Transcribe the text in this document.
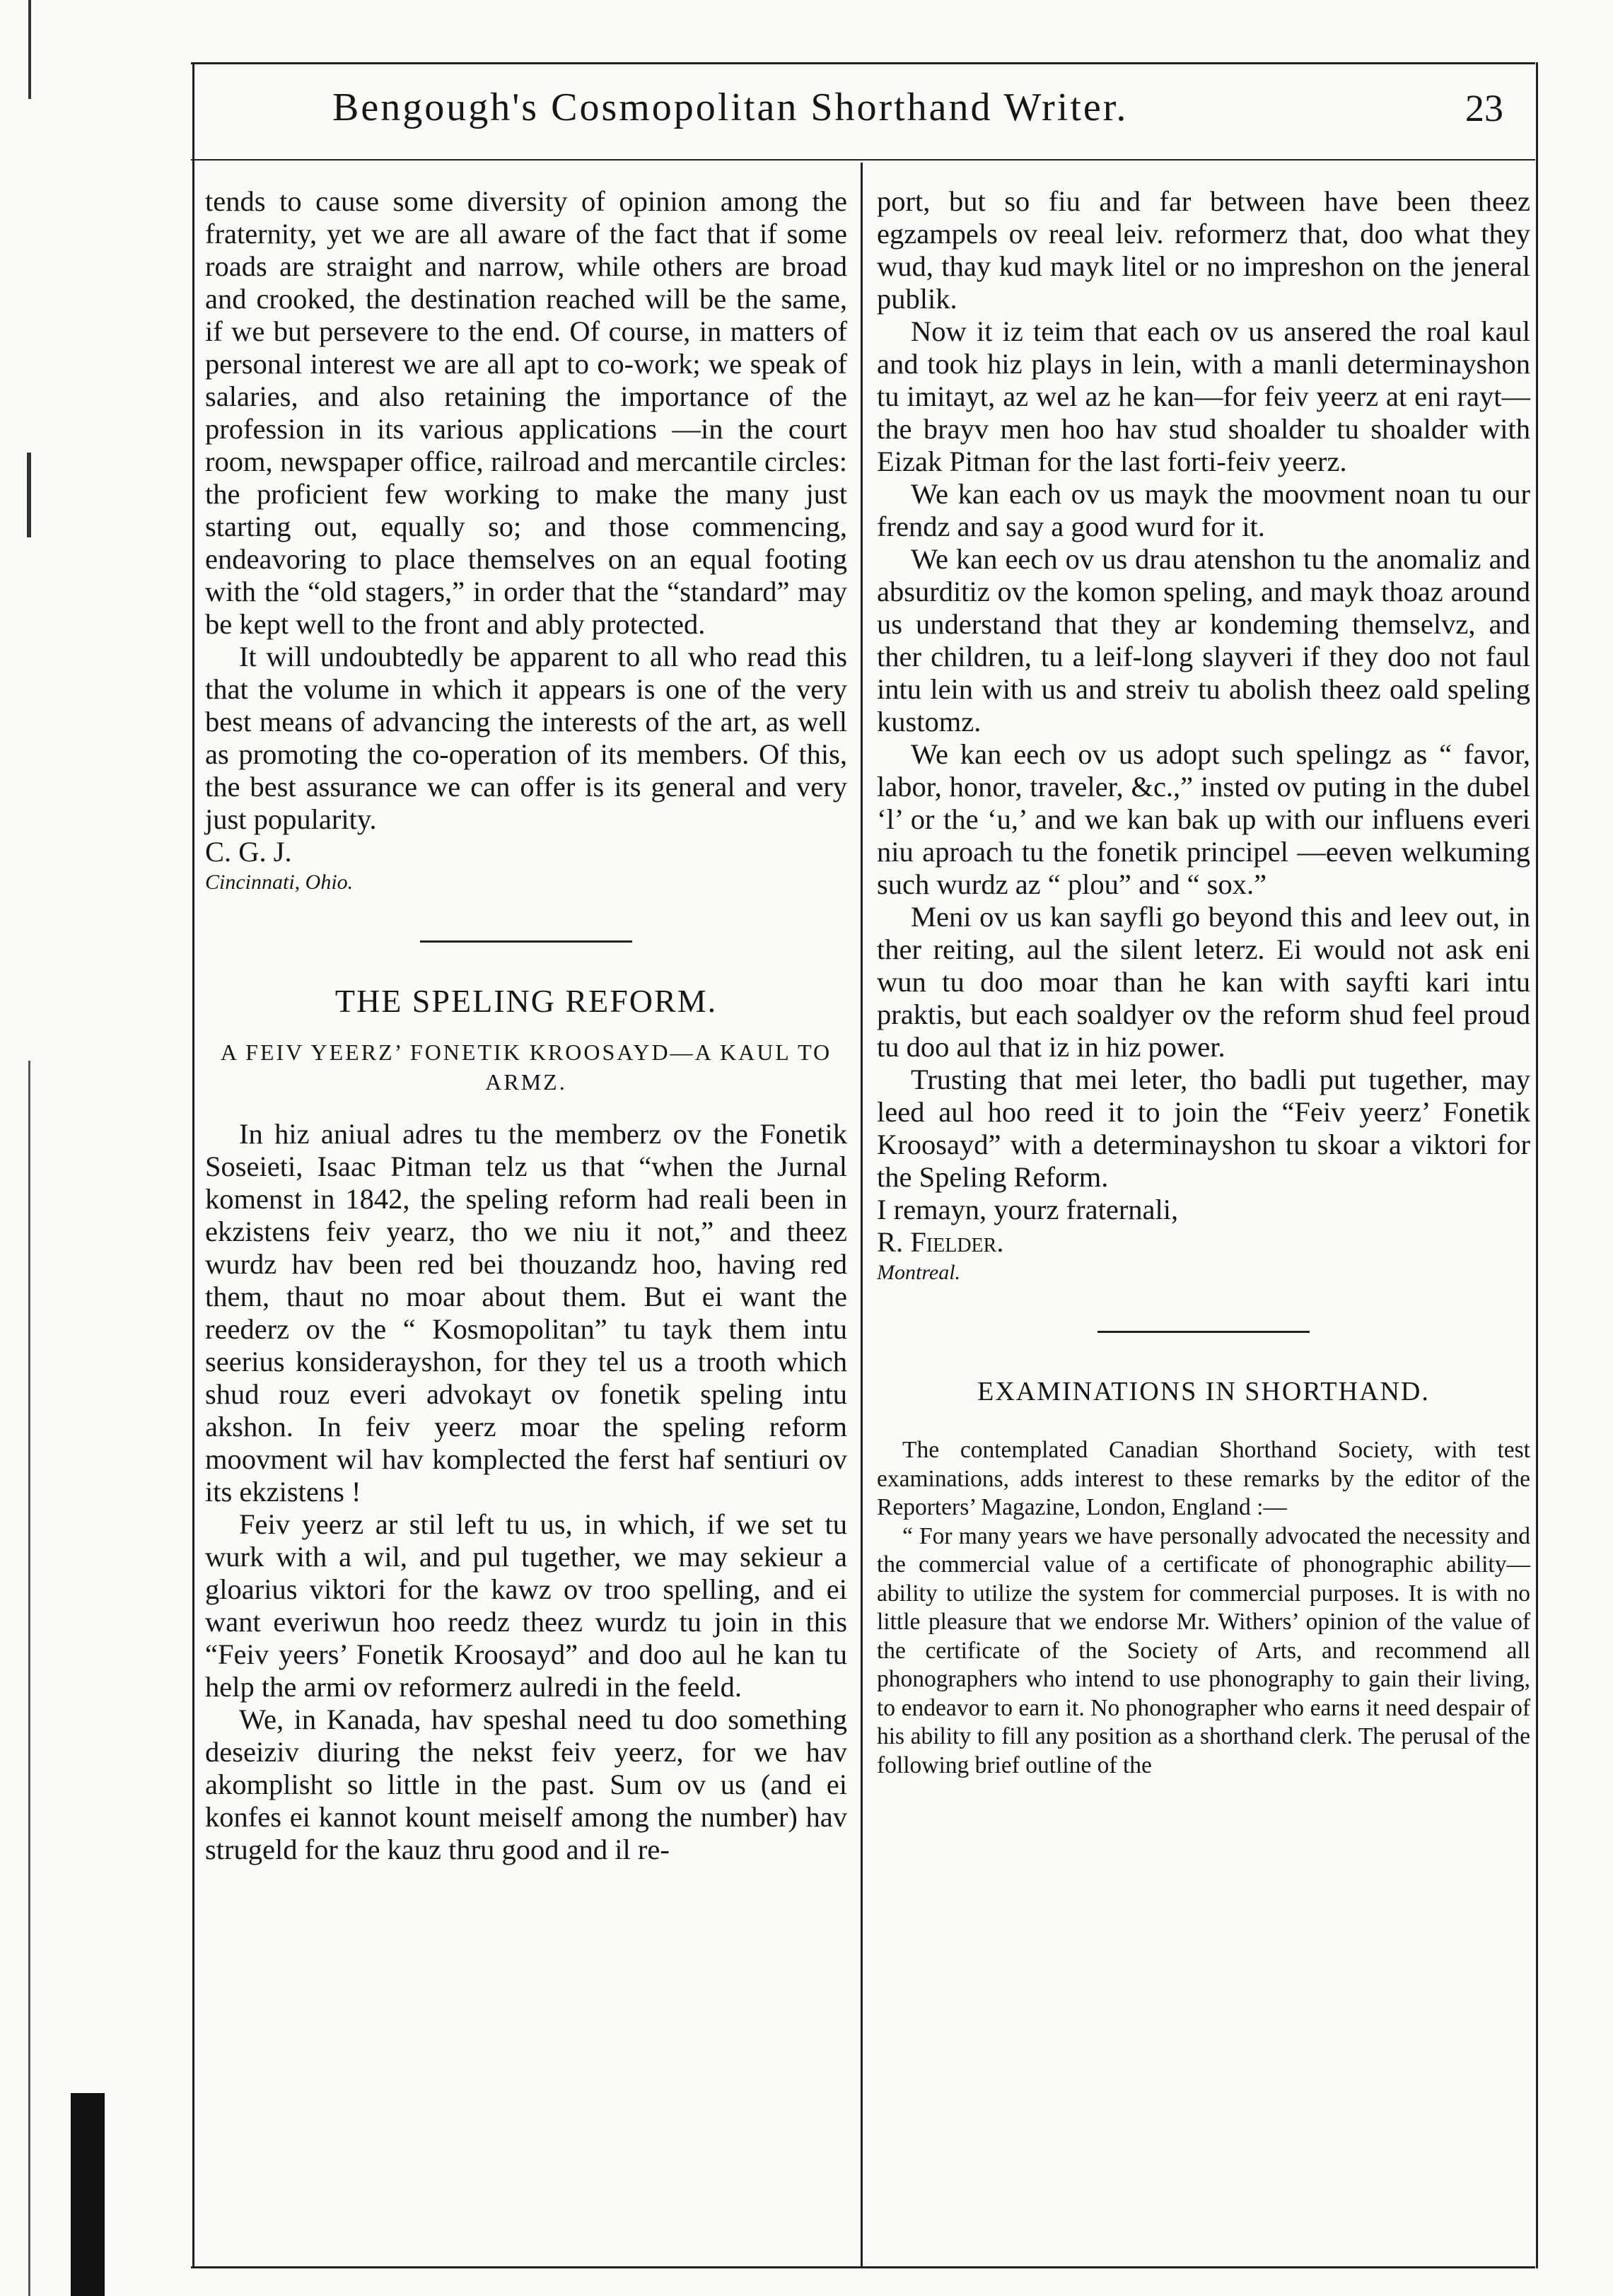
Bengough's Cosmopolitan Shorthand Writer.	23

tends to cause some diversity of opinion among the fraternity, yet we are all aware of the fact that if some roads are straight and narrow, while others are broad and crooked, the destination reached will be the same, if we but persevere to the end. Of course, in matters of personal interest we are all apt to co-work; we speak of salaries, and also retaining the importance of the profession in its various applications —in the court room, newspaper office, railroad and mercantile circles: the proficient few working to make the many just starting out, equally so; and those commencing, endeavoring to place themselves on an equal footing with the “old stagers,” in order that the “standard” may be kept well to the front and ably protected.

It will undoubtedly be apparent to all who read this that the volume in which it appears is one of the very best means of advancing the interests of the art, as well as promoting the co-operation of its members. Of this, the best assurance we can offer is its general and very just popularity.

C. G. J.

Cincinnati, Ohio.

THE SPELING REFORM.
A FEIV YEERZ’ FONETIK KROOSAYD—A KAUL TO ARMZ.

In hiz aniual adres tu the memberz ov the Fonetik Soseieti, Isaac Pitman telz us that “when the Jurnal komenst in 1842, the speling reform had reali been in ekzistens feiv yearz, tho we niu it not,” and theez wurdz hav been red bei thouzandz hoo, having red them, thaut no moar about them. But ei want the reederz ov the “ Kosmopolitan” tu tayk them intu seerius konsiderayshon, for they tel us a trooth which shud rouz everi advokayt ov fonetik speling intu akshon. In feiv yeerz moar the speling reform moovment wil hav komplected the ferst haf sentiuri ov its ekzistens !

Feiv yeerz ar stil left tu us, in which, if we set tu wurk with a wil, and pul tugether, we may sekieur a gloarius viktori for the kawz ov troo spelling, and ei want everiwun hoo reedz theez wurdz tu join in this “Feiv yeers’ Fonetik Kroosayd” and doo aul he kan tu help the armi ov reformerz aulredi in the feeld.

We, in Kanada, hav speshal need tu doo something deseiziv diuring the nekst feiv yeerz, for we hav akomplisht so little in the past. Sum ov us (and ei konfes ei kannot kount meiself among the number) hav strugeld for the kauz thru good and il re-

port, but so fiu and far between have been theez egzampels ov reeal leiv. reformerz that, doo what they wud, thay kud mayk litel or no impreshon on the jeneral publik.

Now it iz teim that each ov us ansered the roal kaul and took hiz plays in lein, with a manli determinayshon tu imitayt, az wel az he kan—for feiv yeerz at eni rayt— the brayv men hoo hav stud shoalder tu shoalder with Eizak Pitman for the last forti-feiv yeerz.

We kan each ov us mayk the moovment noan tu our frendz and say a good wurd for it.

We kan eech ov us drau atenshon tu the anomaliz and absurditiz ov the komon speling, and mayk thoaz around us understand that they ar kondeming themselvz, and ther children, tu a leif-long slayveri if they doo not faul intu lein with us and streiv tu abolish theez oald speling kustomz.

We kan eech ov us adopt such spelingz as “ favor, labor, honor, traveler, &c.,” insted ov puting in the dubel ‘l’ or the ‘u,’ and we kan bak up with our influens everi niu aproach tu the fonetik principel —eeven welkuming such wurdz az “ plou” and “ sox.”

Meni ov us kan sayfli go beyond this and leev out, in ther reiting, aul the silent leterz. Ei would not ask eni wun tu doo moar than he kan with sayfti kari intu praktis, but each soaldyer ov the reform shud feel proud tu doo aul that iz in hiz power.

Trusting that mei leter, tho badli put tugether, may leed aul hoo reed it to join the “Feiv yeerz’ Fonetik Kroosayd” with a determinayshon tu skoar a viktori for the Speling Reform.

I remayn, yourz fraternali,

R. Fielder.

Montreal.

EXAMINATIONS IN SHORTHAND.

The contemplated Canadian Shorthand Society, with test examinations, adds interest to these remarks by the editor of the Reporters’ Magazine, London, England :—

“ For many years we have personally advocated the necessity and the commercial value of a certificate of phonographic ability—ability to utilize the system for commercial purposes. It is with no little pleasure that we endorse Mr. Withers’ opinion of the value of the certificate of the Society of Arts, and recommend all phonographers who intend to use phonography to gain their living, to endeavor to earn it. No phonographer who earns it need despair of his ability to fill any position as a shorthand clerk. The perusal of the following brief outline of the
